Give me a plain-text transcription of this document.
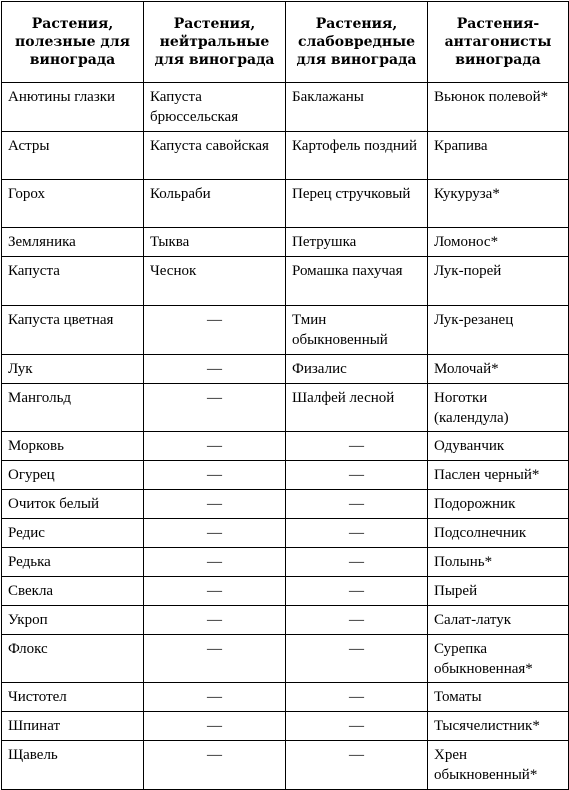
Растения, полезные для винограда	Растения, нейтральные для винограда	Растения, слабовредные для винограда	Растения-антагонисты винограда
Анютины глазки	Капуста брюссельская	Баклажаны	Вьюнок полевой*
Астры	Капуста савойская	Картофель поздний	Крапива
Горох	Кольраби	Перец стручковый	Кукуруза*
Земляника	Тыква	Петрушка	Ломонос*
Капуста	Чеснок	Ромашка пахучая	Лук-порей
Капуста цветная	—	Тмин обыкновенный	Лук-резанец
Лук	—	Физалис	Молочай*
Мангольд	—	Шалфей лесной	Ноготки (календула)
Морковь	—	—	Одуванчик
Огурец	—	—	Паслен черный*
Очиток белый	—	—	Подорожник
Редис	—	—	Подсолнечник
Редька	—	—	Полынь*
Свекла	—	—	Пырей
Укроп	—	—	Салат-латук
Флокс	—	—	Сурепка обыкновенная*
Чистотел	—	—	Томаты
Шпинат	—	—	Тысячелистник*
Щавель	—	—	Хрен обыкновенный*
